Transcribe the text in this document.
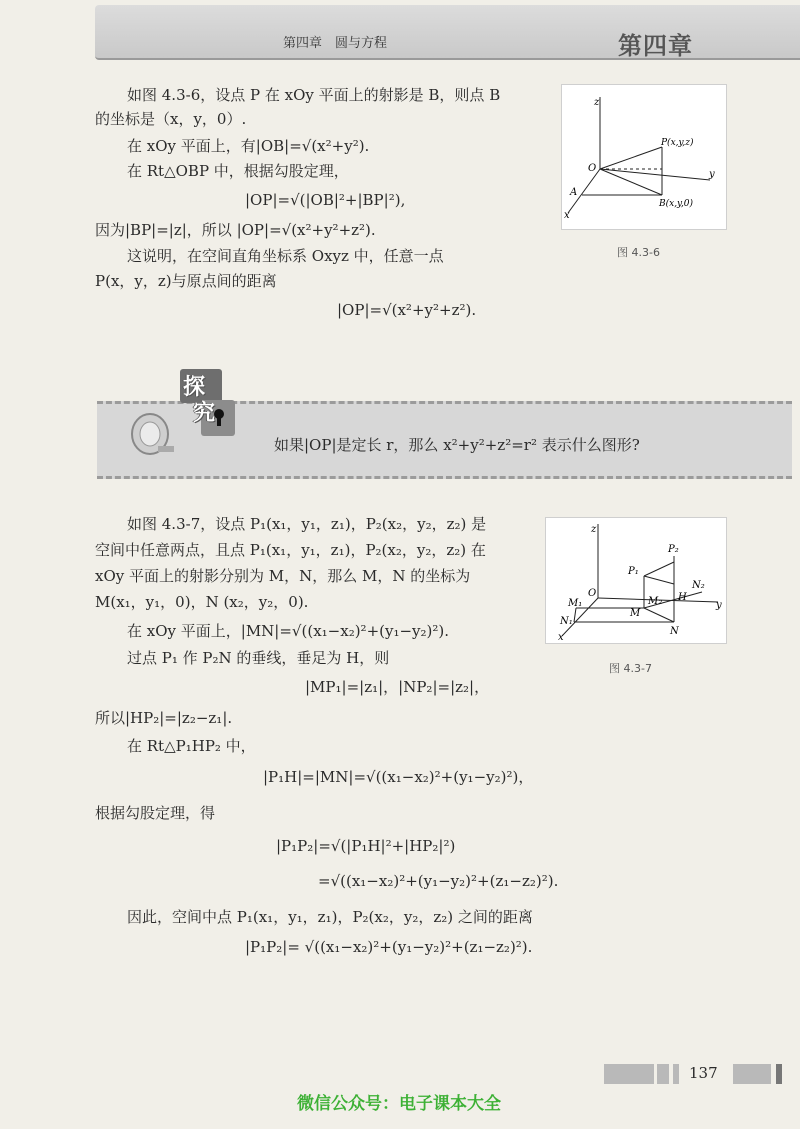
第四章　圆与方程	第四章
如图 4.3-6，设点 P 在 xOy 平面上的射影是 B，则点 B
的坐标是（x，y，0）.
在 xOy 平面上，有|OB|=√(x²+y²).
在 Rt△OBP 中，根据勾股定理，
|OP|=√(|OB|²+|BP|²),
因为|BP|=|z|，所以 |OP|=√(x²+y²+z²).
这说明，在空间直角坐标系 Oxyz 中，任意一点
P(x，y，z)与原点间的距离
|OP|=√(x²+y²+z²).
z
y
x
O
A
P(x,y,z)
B(x,y,0)
图 4.3-6
如果|OP|是定长 r，那么 x²+y²+z²=r² 表示什么图形?
探
究
如图 4.3-7，设点 P₁(x₁，y₁，z₁)，P₂(x₂，y₂，z₂) 是
空间中任意两点，且点 P₁(x₁，y₁，z₁)，P₂(x₂，y₂，z₂) 在
xOy 平面上的射影分别为 M，N，那么 M，N 的坐标为
M(x₁，y₁，0)，N (x₂，y₂，0).
在 xOy 平面上，|MN|=√((x₁−x₂)²+(y₁−y₂)²).
过点 P₁ 作 P₂N 的垂线，垂足为 H，则
|MP₁|=|z₁|，|NP₂|=|z₂|，
所以|HP₂|=|z₂−z₁|.
在 Rt△P₁HP₂ 中，
|P₁H|=|MN|=√((x₁−x₂)²+(y₁−y₂)²)，
根据勾股定理，得
|P₁P₂|=√(|P₁H|²+|HP₂|²)
=√((x₁−x₂)²+(y₁−y₂)²+(z₁−z₂)²).
因此，空间中点 P₁(x₁，y₁，z₁)，P₂(x₂，y₂，z₂) 之间的距离
|P₁P₂|= √((x₁−x₂)²+(y₁−y₂)²+(z₁−z₂)²).
z
y
x
O
P₁
P₂
N₂
H
M₂
M
M₁
N₁
N
图 4.3-7
137
微信公众号：电子课本大全
